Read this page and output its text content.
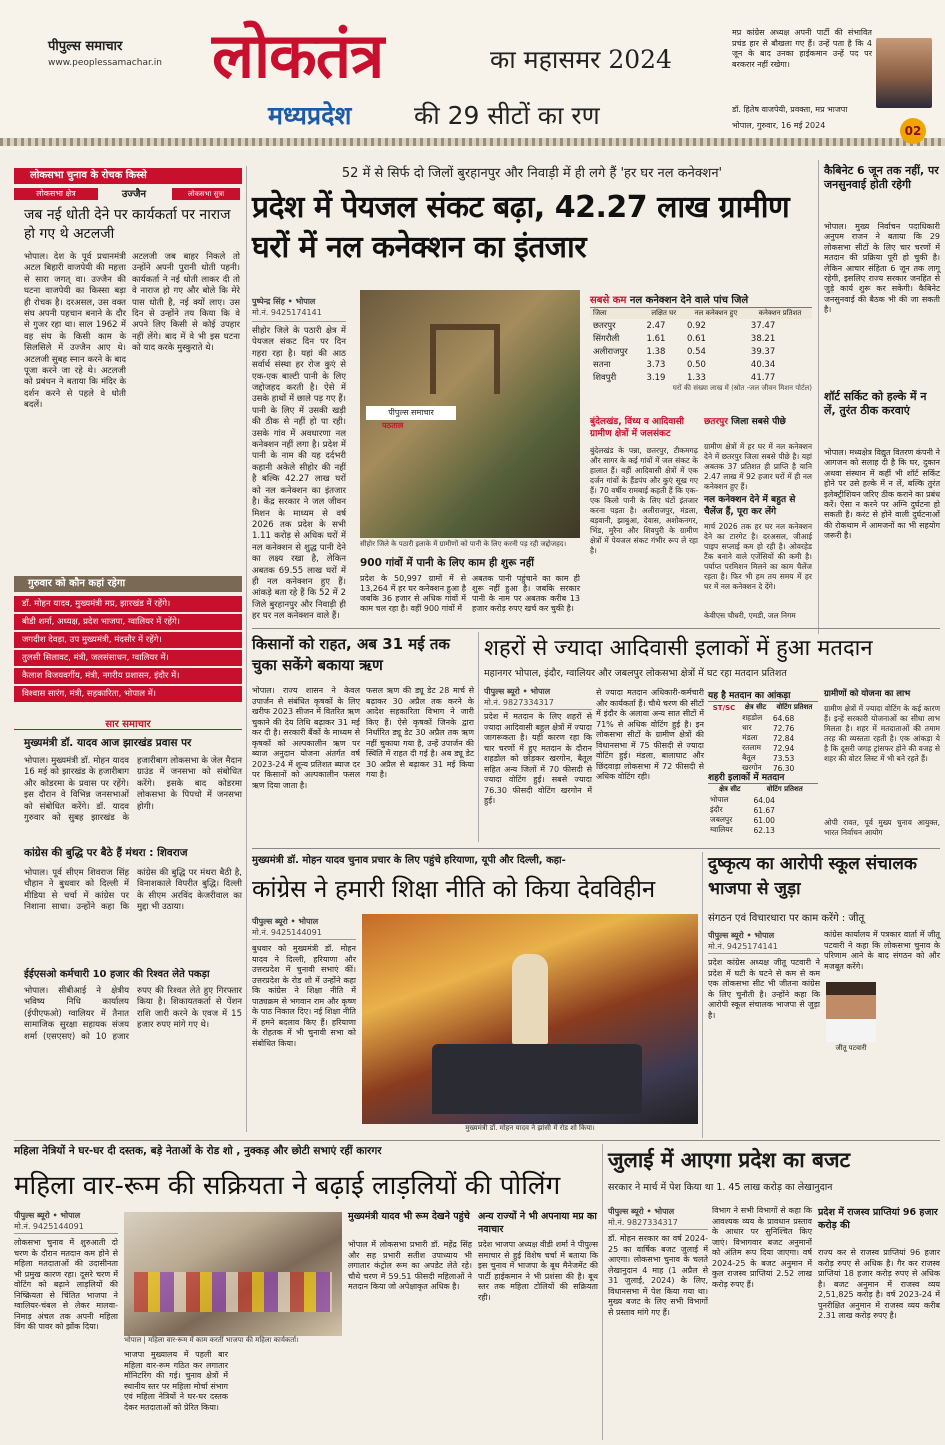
पीपुल्स समाचार
www.peoplessamachar.in लोकतंत्र	का महासमर 2024
मध्यप्रदेश	की 29 सीटों का रण
मप्र कांग्रेस अध्यक्ष अपनी पार्टी की संभावित प्रचंड हार से बौखला गए हैं। उन्हें पता है कि 4 जून के बाद उनका हाईकमान उन्हें पद पर बरकरार नहीं रखेगा।
डॉ. हितेष वाजपेयी, प्रवक्ता, मप्र भाजपा
भोपाल, गुरुवार, 16 मई 2024	02
लोकसभा चुनाव के रोचक किस्से
लोकसभा क्षेत्र	उज्जैन	लोकसभा सुत्रा
जब नई धोती देने पर कार्यकर्ता पर नाराज हो गए थे अटलजी
भोपाल। देश के पूर्व प्रधानमंत्री अटल बिहारी वाजपेयी की महत्ता से सारा जगत् वा। उज्जैन की घटना वाजपेयी का किस्सा बड़ा ही रोचक है। दरअसल, उस वक्त संघ अपनी पहचान बनाने के दौर से गुजर रहा था। साल 1962 में वह संघ के किसी काम के सिलसिले में उज्जैन आए थे। अटलजी सुबह स्नान करने के बाद पूजा करने जा रहे थे। अटलजी को प्रबंधन ने बताया कि मंदिर के दर्शन करने से पहले वे धोती बदलें।
अटलजी जब बाहर निकले तो उन्होंने अपनी पुरानी धोती पहनी। कार्यकर्ता ने नई धोती लाकर दी तो वे नाराज हो गए और बोले कि मेरे पास धोती है, नई क्यों लाए। उस दिन से उन्होंने तय किया कि वे अपने लिए किसी से कोई उपहार नहीं लेंगे। बाद में वे भी इस घटना को याद करके मुस्कुराते थे।
गुरुवार को कौन कहां रहेगा
डॉ. मोहन यादव, मुख्यमंत्री मप्र, झारखंड में रहेंगे।
बीडी शर्मा, अध्यक्ष, प्रदेश भाजपा, ग्वालियर में रहेंगे।
जगदीश देवड़ा, उप मुख्यमंत्री, मंदसौर में रहेंगे।
तुलसी सिलावट, मंत्री, जलसंसाधन, ग्वालियर में।
कैलाश विजयवर्गीय, मंत्री, नगरीय प्रशासन, इंदौर में।
विश्वास सारंग, मंत्री, सहकारिता, भोपाल में।
सार समाचार
मुख्यमंत्री डॉ. यादव आज झारखंड प्रवास पर
भोपाल। मुख्यमंत्री डॉ. मोहन यादव 16 मई को झारखंड के हजारीबाग और कोडरमा के प्रवास पर रहेंगे। इस दौरान वे विभिन्न जनसभाओं को संबोधित करेंगे। डॉ. यादव गुरुवार को सुबह झारखंड के हजारीबाग लोकसभा के जेल मैदान ग्राउंड में जनसभा को संबोधित करेंगे। इसके बाद कोडरमा लोकसभा के पिपचो में जनसभा होगी।
कांग्रेस की बुद्धि पर बैठे हैं मंथरा : शिवराज
भोपाल। पूर्व सीएम शिवराज सिंह चौहान ने बुधवार को दिल्ली में मीडिया से चर्चा में कांग्रेस पर निशाना साधा। उन्होंने कहा कि कांग्रेस की बुद्धि पर मंथरा बैठी है, विनाशकाले विपरीत बुद्धि। दिल्ली के सीएम अरविंद केजरीवाल का मुद्दा भी उठाया।
ईईएसओ कर्मचारी 10 हजार की रिश्वत लेते पकड़ा
भोपाल। सीबीआई ने क्षेत्रीय भविष्य निधि कार्यालय (ईपीएफओ) ग्वालियर में तैनात सामाजिक सुरक्षा सहायक संजय शर्मा (एसएसए) को 10 हजार रुपए की रिश्वत लेते हुए गिरफ्तार किया है। शिकायतकर्ता से पेंशन राशि जारी करने के एवज में 15 हजार रुपए मांगे गए थे।
52 में से सिर्फ दो जिलों बुरहानपुर और निवाड़ी में ही लगे हैं 'हर घर नल कनेक्शन'
प्रदेश में पेयजल संकट बढ़ा, 42.27 लाख ग्रामीण घरों में नल कनेक्शन का इंतजार
पुष्पेन्द्र सिंह • भोपाल
मो.नं. 9425174141
सीहोर जिले के पठारी क्षेत्र में पेयजल संकट दिन पर दिन गहरा रहा है। यहां की आठ सर्वार्थ संस्था हर रोज कुएं से एक-एक बाल्टी पानी के लिए जद्दोजहद करती है। ऐसे में उसके हाथों में छाले पड़ गए हैं। पानी के लिए में उसकी खड़ी की ठीक से नहीं हो पा रही। उसके गांव में अवधारणा नल कनेक्शन नहीं लगा है। प्रदेश में पानी के नाम की यह दर्दभरी कहानी अकेले सीहोर की नहीं है बल्कि 42.27 लाख घरों को नल कनेक्शन का इंतजार है। केंद्र सरकार ने जल जीवन मिशन के माध्यम से वर्ष 2026 तक प्रदेश के सभी 1.11 करोड़ से अधिक घरों में नल कनेक्शन से शुद्ध पानी देने का लक्ष्य रखा है, लेकिन अबतक 69.55 लाख घरों में ही नल कनेक्शन हुए हैं। आंकड़े बता रहे हैं कि 52 में 2 जिले बुरहानपुर और निवाड़ी ही हर घर नल कनेक्शन वाले हैं।
पीपुल्स समाचार
पठताल
सीहोर जिले के पठारी इलाके में ग्रामीणों को पानी के लिए करनी पड़ रही जद्दोजहद।
900 गांवों में पानी के लिए काम ही शुरू नहीं
प्रदेश के 50,997 ग्रामों में से 13,264 में हर घर कनेक्शन हुआ है जबकि 36 हजार से अधिक गांवों में काम चल रहा है। वहीं 900 गांवों में
अबतक पानी पहुंचाने का काम ही शुरू नहीं हुआ है। जबकि सरकार पानी के नाम पर अबतक करीब 13 हजार करोड़ रुपए खर्च कर चुकी है।
सबसे कम नल कनेक्शन देने वाले पांच जिले
जिला	लक्षित घर	नल कनेक्शन हुए	कनेक्शन प्रतिशत
छतरपुर	2.47	0.92	37.47
सिंगरौली	1.61	0.61	38.21
अलीराजपुर	1.38	0.54	39.37
सतना	3.73	0.50	40.34
शिवपुरी	3.19	1.33	41.77
घरों की संख्या लाख में (स्रोत -जल जीवन मिशन पोर्टल)
बुंदेलखंड, विंध्य व आदिवासी ग्रामीण क्षेत्रों में जलसंकट
बुंदेलखंड के पन्ना, छतरपुर, टीकमगढ़ और सागर के कई गांवों में जल संकट के हालात हैं। वहीं आदिवासी क्षेत्रों में एक दर्जन गांवों के हैंडपंप और कुएं सूख गए हैं। 70 वर्षीय रामबाई कहती हैं कि एक-एक किलो पानी के लिए घंटों इंतजार करना पड़ता है। अलीराजपुर, मंडला, बड़वानी, झाबुआ, देवास, अशोकनगर, भिंड, मुरैना और शिवपुरी के ग्रामीण क्षेत्रों में पेयजल संकट गंभीर रूप ले रहा है।
छतरपुर जिला सबसे पीछे
ग्रामीण क्षेत्रों में हर घर में नल कनेक्शन देने में छतरपुर जिला सबसे पीछे है। यहां अबतक 37 प्रतिशत ही प्राप्ति है यानि 2.47 लाख में 92 हजार घरों में ही नल कनेक्शन हुए हैं।
नल कनेक्शन देने में बहुत से चैलेंज हैं, पूरा कर लेंगे
मार्च 2026 तक हर घर नल कनेक्शन देने का टारगेट है। दरअसल, जीआई पाइप सप्लाई कम हो रही है। ओवरहेड टैंक बनाने वाले एजेंसियों की कमी है। पर्याप्त परमिशन मिलने का काम चैलेंज रहता है। फिर भी हम तय समय में हर घर में नल कनेक्शन दे देंगे।
केवीएस चौधरी, एमडी, जल निगम
कैबिनेट 6 जून तक नहीं, पर जनसुनवाई होती रहेगी
भोपाल। मुख्य निर्वाचन पदाधिकारी अनुपम राजन ने बताया कि 29 लोकसभा सीटों के लिए चार चरणों में मतदान की प्रक्रिया पूरी हो चुकी है। लेकिन आचार संहिता 6 जून तक लागू रहेगी, इसलिए राज्य सरकार जनहित से जुड़े कार्य शुरू कर सकेगी। कैबिनेट जनसुनवाई की बैठक भी की जा सकती है।
शॉर्ट सर्किट को हल्के में न लें, तुरंत ठीक करवाएं
भोपाल। मध्यक्षेत्र विद्युत वितरण कंपनी ने आगजन को सलाह दी है कि घर, दुकान अथवा संस्थान में कहीं भी शॉर्ट सर्किट होने पर उसे हल्के में न लें, बल्कि तुरंत इलेक्ट्रीशियन जरिए ठीक कराने का प्रबंध करें। ऐसा न करने पर अग्नि दुर्घटना हो सकती है। करंट से होने वाली दुर्घटनाओं की रोकथाम में आमजनों का भी सहयोग जरूरी है।
किसानों को राहत, अब 31 मई तक चुका सकेंगे बकाया ऋण
भोपाल। राज्य शासन ने केवल उपार्जन से संबंधित कृषकों के लिए खरीफ 2023 सीजन में वितरित ऋण चुकाने की देय तिथि बढ़ाकर 31 मई कर दी है। सरकारी बैंकों के माध्यम से कृषकों को अल्पकालीन ऋण पर ब्याज अनुदान योजना अंतर्गत वर्ष 2023-24 में शून्य प्रतिशत ब्याज दर पर किसानों को अल्पकालीन फसल ऋण दिया जाता है।
फसल ऋण की ड्यू डेट 28 मार्च से बढ़ाकर 30 अप्रैल तक करने के आदेश सहकारिता विभाग ने जारी किए हैं। ऐसे कृषकों जिनके द्वारा निर्धारित ड्यू डेट 30 अप्रैल तक ऋण नहीं चुकाया गया है, उन्हें उपार्जन की स्थिति में राहत दी गई है। अब ड्यू डेट 30 अप्रैल से बढ़ाकर 31 मई किया गया है।
शहरों से ज्यादा आदिवासी इलाकों में हुआ मतदान
महानगर भोपाल, इंदौर, ग्वालियर और जबलपुर लोकसभा क्षेत्रों में घट रहा मतदान प्रतिशत
पीपुल्स ब्यूरो • भोपाल
मो.नं. 9827334317
प्रदेश में मतदान के लिए शहरों से ज्यादा आदिवासी बहुल क्षेत्रों में ज्यादा जागरूकता है। यही कारण रहा कि चार चरणों में हुए मतदान के दौरान शहडोल को छोड़कर खरगोन, बैतूल सहित अन्य जिलों में 70 फीसदी से ज्यादा वोटिंग हुई। सबसे ज्यादा 76.30 फीसदी वोटिंग खरगोन में हुई।
से ज्यादा मतदान अधिकारी-कर्मचारी और कार्यकर्ता हैं। चौथे चरण की सीटों में इंदौर के अलावा अन्य सात सीटों में 71% से अधिक वोटिंग हुई है। इन लोकसभा सीटों के ग्रामीण क्षेत्रों की विधानसभा में 75 फीसदी से ज्यादा वोटिंग हुई। मंडला, बालाघाट और छिंदवाड़ा लोकसभा में 72 फीसदी से अधिक वोटिंग रही।
यह है मतदान का आंकड़ा
ST/SC	क्षेत्र सीट	वोटिंग प्रतिशत
	शहडोल	64.68
	धार	72.76
	मंडला	72.84
	रतलाम	72.94
	बैतूल	73.53
	खरगोन	76.30
शहरी इलाकों में मतदान
क्षेत्र सीट	वोटिंग प्रतिशत
भोपाल	64.04
इंदौर	61.67
जबलपुर	61.00
ग्वालियर	62.13
ग्रामीणों को योजना का लाभ
ग्रामीण क्षेत्रों में ज्यादा वोटिंग के कई कारण हैं। इन्हें सरकारी योजनाओं का सीधा लाभ मिलता है। शहर में मतदाताओं की तमाम तरह की व्यस्तता रहती है। एक आंकड़ा ये है कि दूसरी जगह ट्रांसफर होने की वजह से शहर की वोटर लिस्ट में भी बने रहते हैं।
ओपी रावत, पूर्व मुख्य चुनाव आयुक्त, भारत निर्वाचन आयोग
मुख्यमंत्री डॉ. मोहन यादव चुनाव प्रचार के लिए पहुंचे हरियाणा, यूपी और दिल्ली, कहा-
कांग्रेस ने हमारी शिक्षा नीति को किया देवविहीन
पीपुल्स ब्यूरो • भोपाल
मो.नं. 9425144091
बुधवार को मुख्यमंत्री डॉ. मोहन यादव ने दिल्ली, हरियाणा और उत्तरप्रदेश में चुनावी सभाएं कीं। उत्तरप्रदेश के रोड शो में उन्होंने कहा कि कांग्रेस ने शिक्षा नीति में पाठ्यक्रम से भगवान राम और कृष्ण के पाठ निकाल दिए। नई शिक्षा नीति में हमने बदलाव किए हैं। हरियाणा के रोहतक में भी चुनावी सभा को संबोधित किया।
मुख्यमंत्री डॉ. मोहन यादव ने झांसी में रोड शो किया।
दुष्कृत्य का आरोपी स्कूल संचालक भाजपा से जुड़ा
संगठन एवं विचारधारा पर काम करेंगे : जीतू
पीपुल्स ब्यूरो • भोपाल
मो.नं. 9425174141
प्रदेश कांग्रेस अध्यक्ष जीतू पटवारी ने प्रदेश में घटी के घटने से कम से कम एक लोकसभा सीट भी जीतना कांग्रेस के लिए चुनौती है। उन्होंने कहा कि आरोपी स्कूल संचालक भाजपा से जुड़ा है।
कांग्रेस कार्यालय में पत्रकार वार्ता में जीतू पटवारी ने कहा कि लोकसभा चुनाव के परिणाम आने के बाद संगठन को और मजबूत करेंगे।
जीतू पटवारी
महिला नेत्रियों ने घर-घर दी दस्तक, बड़े नेताओं के रोड शो , नुक्कड़ और छोटी सभाएं रहीं कारगर
महिला वार-रूम की सक्रियता ने बढ़ाई लाड़लियों की पोलिंग
पीपुल्स ब्यूरो • भोपाल
मो.नं. 9425144091
लोकसभा चुनाव में शुरुआती दो चरण के दौरान मतदान कम होने से महिला मतदाताओं की उदासीनता भी प्रमुख कारण रहा। दूसरे चरण में वोटिंग को बढ़ाने लाड़लियों की निष्क्रियता से चिंतित भाजपा ने ग्वालियर-चंबल से लेकर मालवा-निमाड़ अंचल तक अपनी महिला विंग की पावर को झोंक दिया।
भोपाल | महिला वार-रूम में काम करतीं भाजपा की महिला कार्यकर्ता।
भाजपा मुख्यालय में पहली बार महिला वार-रूम गठित कर लगातार मॉनिटरिंग की गई। चुनाव क्षेत्रों में स्थानीय स्तर पर महिला मोर्चा संभाग एवं महिला नेत्रियों ने घर-घर दस्तक देकर मतदाताओं को प्रेरित किया।
मुख्यमंत्री यादव भी रूम देखने पहुंचे
भोपाल में लोकसभा प्रभारी डॉ. महेंद्र सिंह और सह प्रभारी सतीश उपाध्याय भी लगातार कंट्रोल रूम का अपडेट लेते रहे। चौथे चरण में 59.51 फीसदी महिलाओं ने मतदान किया जो अपेक्षाकृत अधिक है।
अन्य राज्यों ने भी अपनाया मप्र का नवाचार
प्रदेश भाजपा अध्यक्ष वीडी शर्मा ने पीपुल्स समाचार से हुई विशेष चर्चा में बताया कि इस चुनाव में भाजपा के बूथ मैनेजमेंट की पार्टी हाईकमान ने भी प्रशंसा की है। बूथ स्तर तक महिला टोलियों की सक्रियता रही।
जुलाई में आएगा प्रदेश का बजट
सरकार ने मार्च में पेश किया था 1. 45 लाख करोड़ का लेखानुदान
पीपुल्स ब्यूरो • भोपाल
मो.नं. 9827334317
डॉ. मोहन सरकार का वर्ष 2024-25 का वार्षिक बजट जुलाई में आएगा। लोकसभा चुनाव के चलते लेखानुदान 4 माह (1 अप्रैल से 31 जुलाई, 2024) के लिए, विधानसभा में पेश किया गया था। मुख्य बजट के लिए सभी विभागों से प्रस्ताव मांगे गए हैं।
विभाग ने सभी विभागों से कहा कि आवश्यक व्यय के प्रावधान प्रस्ताव के आधार पर सुनिश्चित किए जाएं। विभागवार बजट अनुमानों को अंतिम रूप दिया जाएगा। वर्ष 2024-25 के बजट अनुमान में कुल राजस्व प्राप्तियां 2.52 लाख करोड़ रुपए हैं।
प्रदेश में राजस्व प्राप्तियां 96 हजार करोड़ की
राज्य कर से राजस्व प्राप्तियां 96 हजार करोड़ रुपए से अधिक है। गैर कर राजस्व प्राप्तियां 18 हजार करोड़ रुपए से अधिक है। बजट अनुमान में राजस्व व्यय 2,51,825 करोड़ है। वर्ष 2023-24 में पुनरीक्षित अनुमान में राजस्व व्यय करीब 2.31 लाख करोड़ रुपए है।
